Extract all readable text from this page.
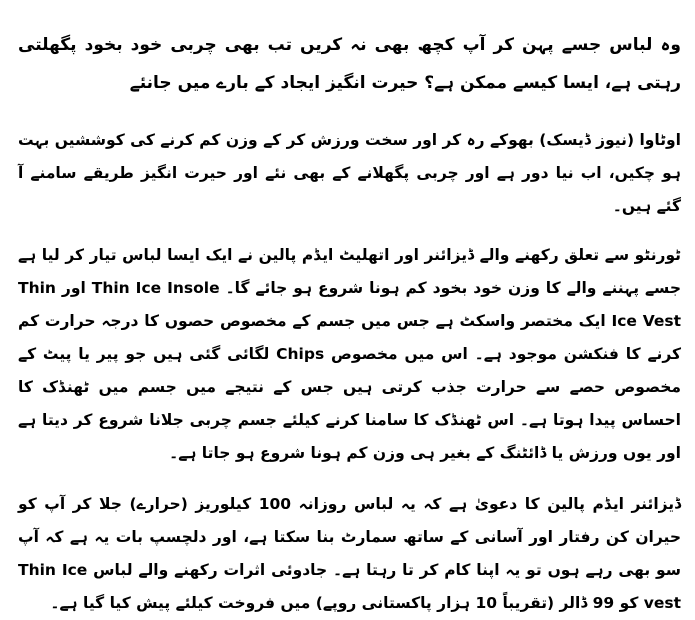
وہ لباس جسے پہن کر آپ کچھ بھی نہ کریں تب بھی چربی خود بخود پگھلتی رہتی ہے، ایسا کیسے ممکن ہے؟ حیرت انگیز ایجاد کے بارے میں جانئے

اوٹاوا (نیوز ڈیسک) بھوکے رہ کر اور سخت ورزش کر کے وزن کم کرنے کی کوششیں بہت ہو چکیں، اب نیا دور ہے اور چربی پگھلانے کے بھی نئے اور حیرت انگیز طریقے سامنے آ گئے ہیں۔

ٹورنٹو سے تعلق رکھنے والے ڈیزائنر اور اتھلیٹ ایڈم پالین نے ایک ایسا لباس تیار کر لیا ہے جسے پہننے والے کا وزن خود بخود کم ہونا شروع ہو جائے گا۔ Thin Ice Insole اور Thin Ice Vest ایک مختصر واسکٹ ہے جس میں جسم کے مخصوص حصوں کا درجہ حرارت کم کرنے کا فنکشن موجود ہے۔ اس میں مخصوص Chips لگائی گئی ہیں جو پیر یا پیٹ کے مخصوص حصے سے حرارت جذب کرتی ہیں جس کے نتیجے میں جسم میں ٹھنڈک کا احساس پیدا ہوتا ہے۔ اس ٹھنڈک کا سامنا کرنے کیلئے جسم چربی جلانا شروع کر دیتا ہے اور یوں ورزش یا ڈائٹنگ کے بغیر ہی وزن کم ہونا شروع ہو جاتا ہے۔

ڈیزائنر ایڈم پالین کا دعویٰ ہے کہ یہ لباس روزانہ 100 کیلوریز (حرارے) جلا کر آپ کو حیران کن رفتار اور آسانی کے ساتھ سمارٹ بنا سکتا ہے، اور دلچسپ بات یہ ہے کہ آپ سو بھی رہے ہوں تو یہ اپنا کام کر تا رہتا ہے۔ جادوئی اثرات رکھنے والے لباس Thin Ice vest کو 99 ڈالر (تقریباً 10 ہزار پاکستانی روپے) میں فروخت کیلئے پیش کیا گیا ہے۔
